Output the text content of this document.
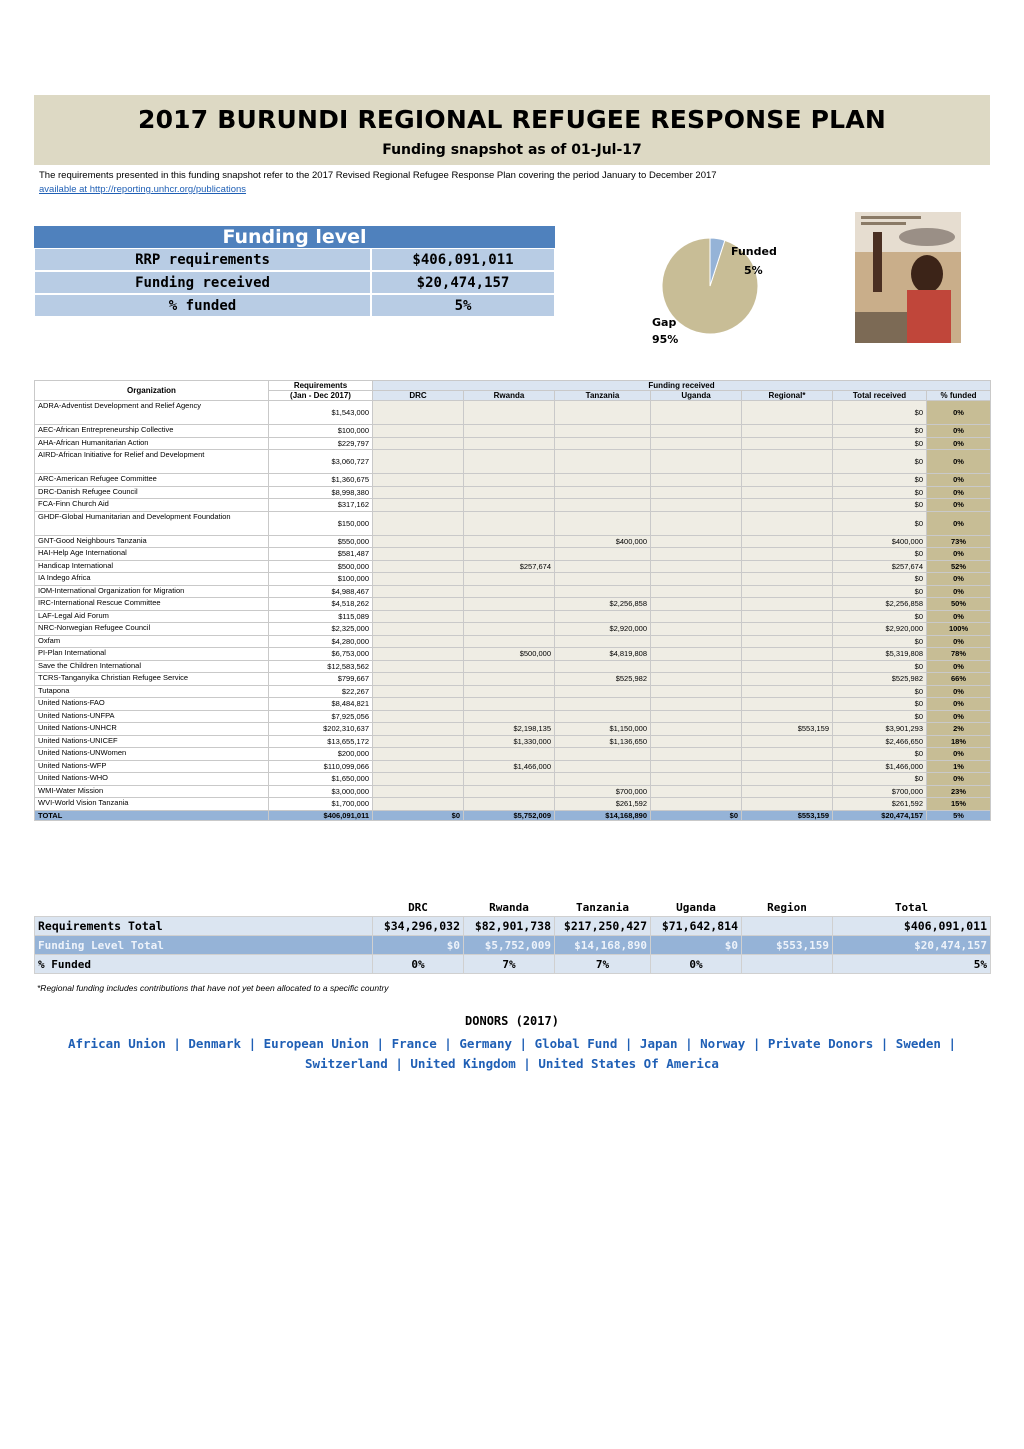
2017 BURUNDI REGIONAL REFUGEE RESPONSE PLAN
Funding snapshot as of 01-Jul-17
The requirements presented in this funding snapshot refer to the 2017 Revised Regional Refugee Response Plan covering the period January to December 2017
available at http://reporting.unhcr.org/publications
Funding level
RRP requirements	$406,091,011
Funding received	$20,474,157
% funded	5%
Funded
5%
Gap
95%
Organization	Requirements	Funding received						
	(Jan - Dec 2017)	DRC	Rwanda	Tanzania	Uganda	Regional*	Total received	% funded
ADRA-Adventist Development and Relief Agency	$1,543,000						$0	0%
AEC-African Entrepreneurship Collective	$100,000						$0	0%
AHA-African Humanitarian Action	$229,797						$0	0%
AIRD-African Initiative for Relief and Development	$3,060,727						$0	0%
ARC-American Refugee Committee	$1,360,675						$0	0%
DRC-Danish Refugee Council	$8,998,380						$0	0%
FCA-Finn Church Aid	$317,162						$0	0%
GHDF-Global Humanitarian and Development Foundation	$150,000						$0	0%
GNT-Good Neighbours Tanzania	$550,000			$400,000			$400,000	73%
HAI-Help Age International	$581,487						$0	0%
Handicap International	$500,000		$257,674				$257,674	52%
IA Indego Africa	$100,000						$0	0%
IOM-International Organization for Migration	$4,988,467						$0	0%
IRC-International Rescue Committee	$4,518,262			$2,256,858			$2,256,858	50%
LAF-Legal Aid Forum	$115,089						$0	0%
NRC-Norwegian Refugee Council	$2,325,000			$2,920,000			$2,920,000	100%
Oxfam	$4,280,000						$0	0%
PI-Plan International	$6,753,000		$500,000	$4,819,808			$5,319,808	78%
Save the Children International	$12,583,562						$0	0%
TCRS-Tanganyika Christian Refugee Service	$799,667			$525,982			$525,982	66%
Tutapona	$22,267						$0	0%
United Nations-FAO	$8,484,821						$0	0%
United Nations-UNFPA	$7,925,056						$0	0%
United Nations-UNHCR	$202,310,637		$2,198,135	$1,150,000		$553,159	$3,901,293	2%
United Nations-UNICEF	$13,655,172		$1,330,000	$1,136,650			$2,466,650	18%
United Nations-UNWomen	$200,000						$0	0%
United Nations-WFP	$110,099,066		$1,466,000				$1,466,000	1%
United Nations-WHO	$1,650,000						$0	0%
WMI-Water Mission	$3,000,000			$700,000			$700,000	23%
WVI-World Vision Tanzania	$1,700,000			$261,592			$261,592	15%
TOTAL	$406,091,011	$0	$5,752,009	$14,168,890	$0	$553,159	$20,474,157	5%
	DRC	Rwanda	Tanzania	Uganda	Region	Total
Requirements Total	$34,296,032	$82,901,738	$217,250,427	$71,642,814		$406,091,011
Funding Level Total	$0	$5,752,009	$14,168,890	$0	$553,159	$20,474,157
% Funded	0%	7%	7%	0%		5%
*Regional funding includes contributions that have not yet been allocated to a specific country
DONORS (2017)
African Union | Denmark | European Union | France | Germany | Global Fund | Japan | Norway | Private Donors | Sweden | Switzerland | United Kingdom | United States Of America
